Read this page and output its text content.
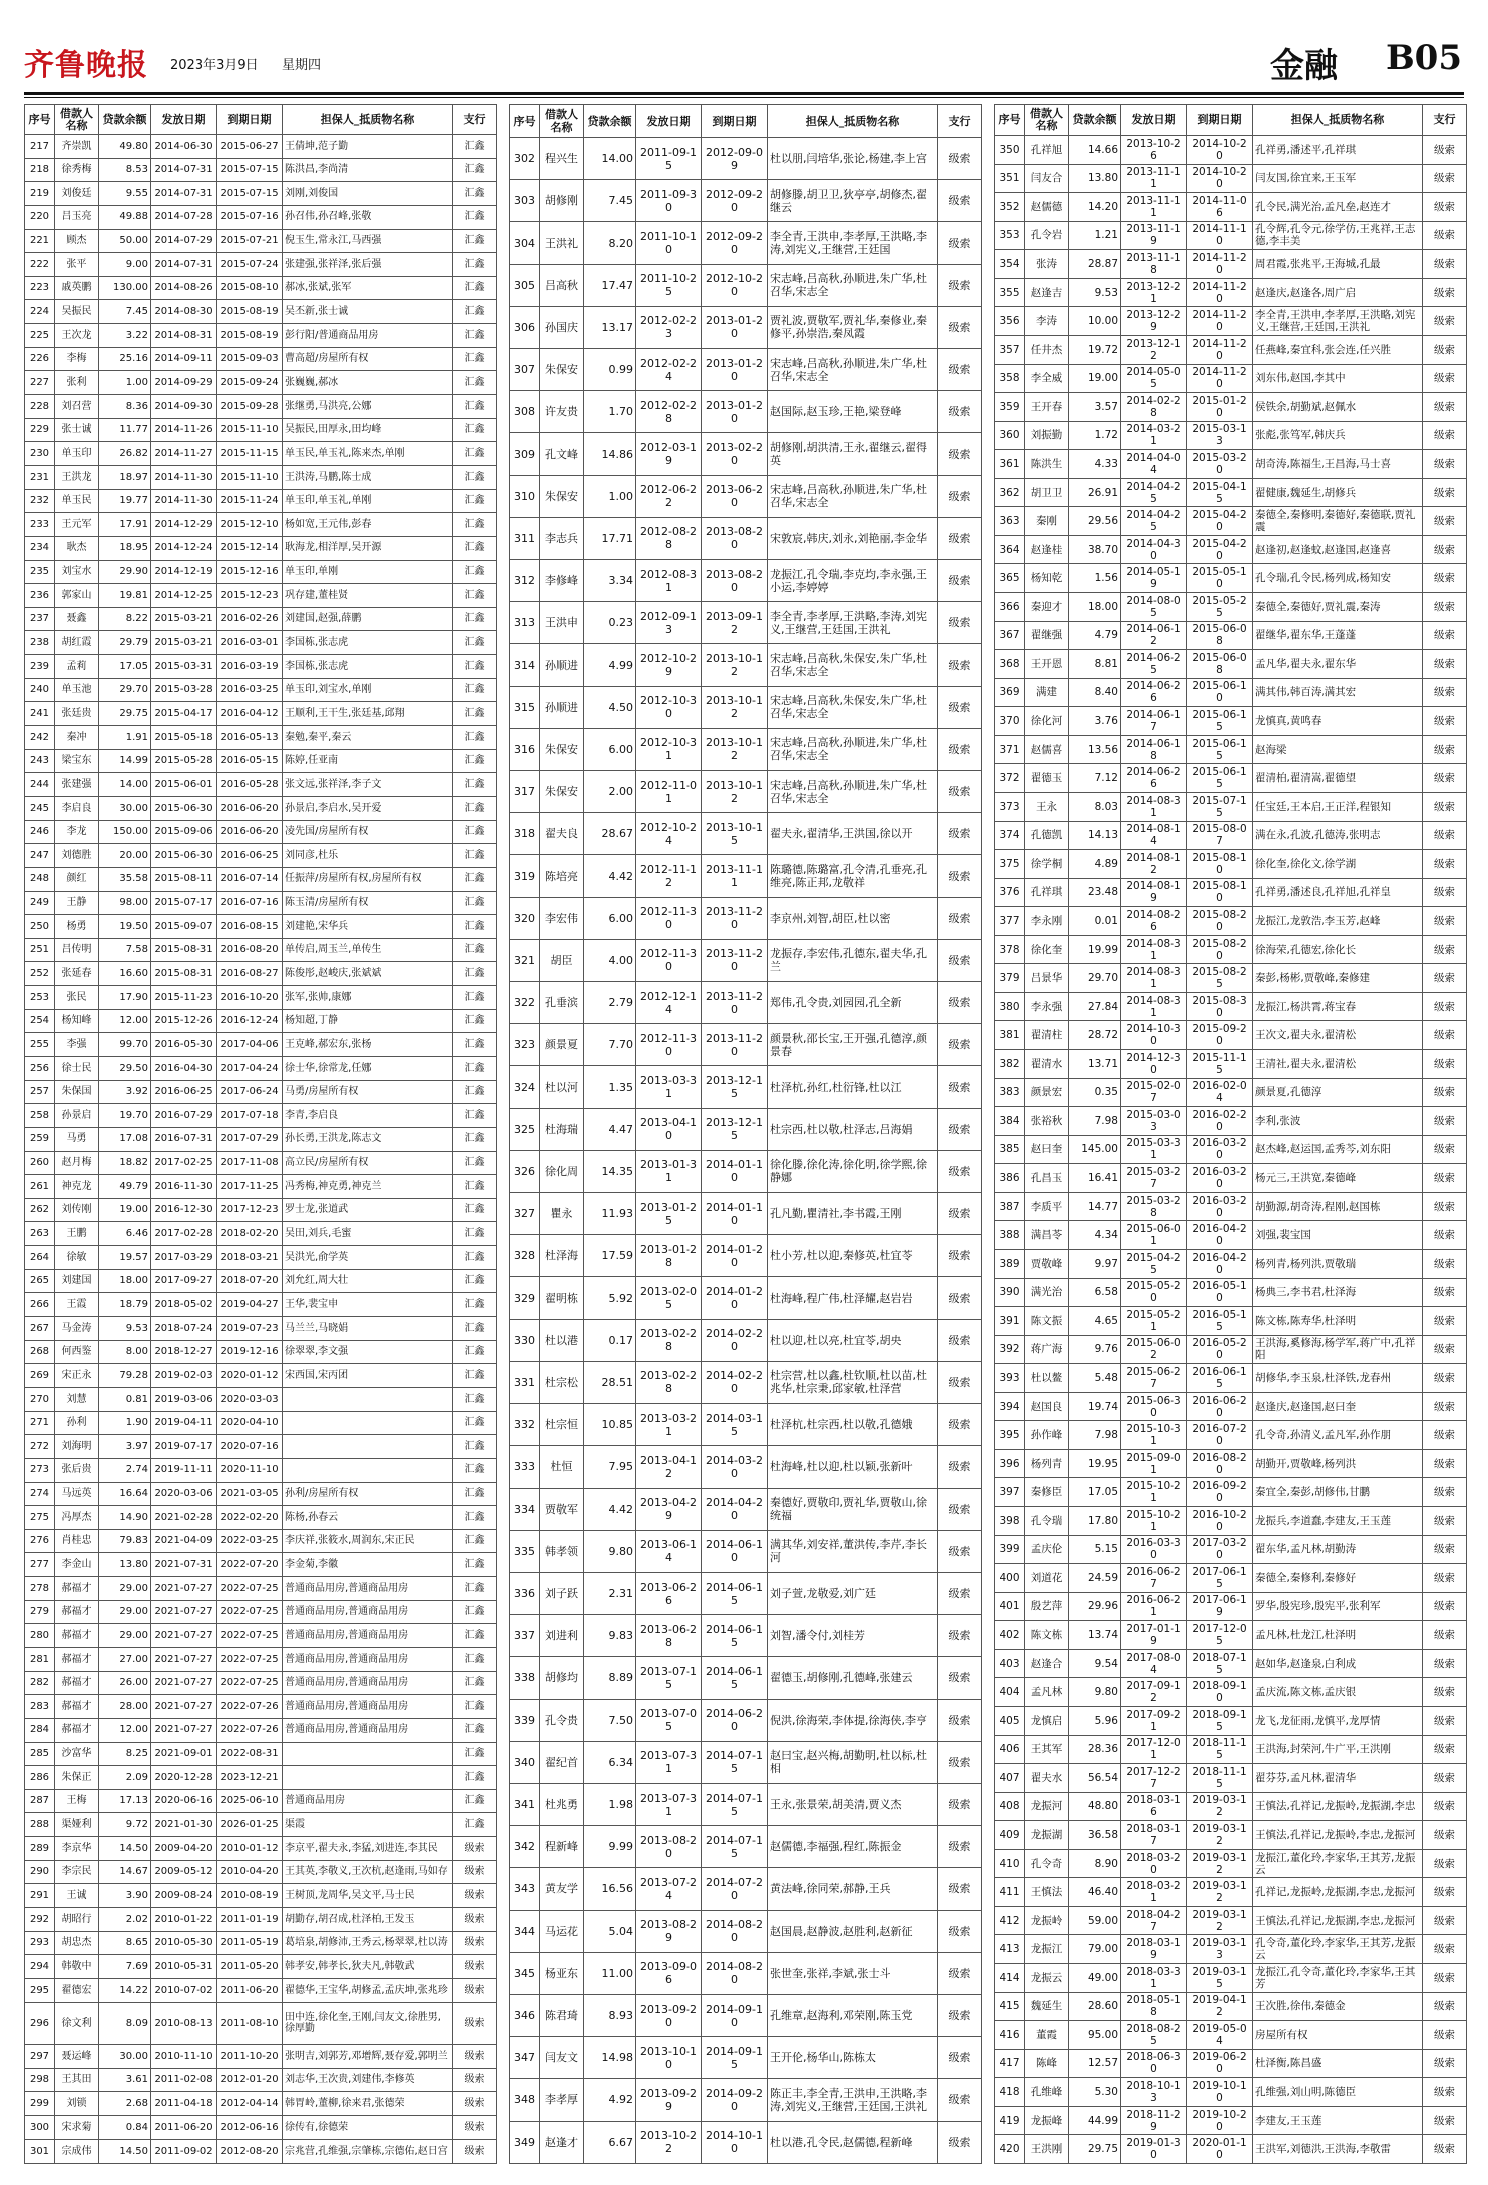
齐鲁晚报 2023年3月9日 星期四	金融 B05
序号	借款人名称	贷款余额	发放日期	到期日期	担保人_抵质物名称	支行
217	齐崇凯	49.80	2014-06-30	2015-06-27	王倩坤,范子勤	汇鑫
218	徐秀梅	8.53	2014-07-31	2015-07-15	陈洪昌,李尚清	汇鑫
219	刘俊廷	9.55	2014-07-31	2015-07-15	刘刚,刘俊国	汇鑫
220	吕玉亮	49.88	2014-07-28	2015-07-16	孙召伟,孙召峰,张敬	汇鑫
221	顾杰	50.00	2014-07-29	2015-07-21	倪玉生,常永江,马西强	汇鑫
222	张平	9.00	2014-07-31	2015-07-24	张建强,张祥泽,张后强	汇鑫
223	戚英鹏	130.00	2014-08-26	2015-08-10	郝冰,张斌,张军	汇鑫
224	吴振民	7.45	2014-08-30	2015-08-19	吴丕新,张士诚	汇鑫
225	王次龙	3.22	2014-08-31	2015-08-19	彭行阳/普通商品用房	汇鑫
226	李梅	25.16	2014-09-11	2015-09-03	曹高超/房屋所有权	汇鑫
227	张利	1.00	2014-09-29	2015-09-24	张巍巍,郝冰	汇鑫
228	刘召营	8.36	2014-09-30	2015-09-28	张继勇,马洪亮,公娜	汇鑫
229	张士诚	11.77	2014-11-26	2015-11-10	吴振民,田厚永,田均峰	汇鑫
230	单玉印	26.82	2014-11-27	2015-11-15	单玉民,单玉礼,陈来杰,单刚	汇鑫
231	王洪龙	18.97	2014-11-30	2015-11-10	王洪涛,马鹏,陈士成	汇鑫
232	单玉民	19.77	2014-11-30	2015-11-24	单玉印,单玉礼,单刚	汇鑫
233	王元军	17.91	2014-12-29	2015-12-10	杨如宽,王元伟,彭春	汇鑫
234	耿杰	18.95	2014-12-24	2015-12-14	耿海龙,相洋厚,吴开源	汇鑫
235	刘宝水	29.90	2014-12-19	2015-12-16	单玉印,单刚	汇鑫
236	郭家山	19.81	2014-12-25	2015-12-23	巩存建,董桂贤	汇鑫
237	聂鑫	8.22	2015-03-21	2016-02-26	刘建国,赵强,薛鹏	汇鑫
238	胡红霞	29.79	2015-03-21	2016-03-01	李国栋,张志虎	汇鑫
239	孟莉	17.05	2015-03-31	2016-03-19	李国栋,张志虎	汇鑫
240	单玉池	29.70	2015-03-28	2016-03-25	单玉印,刘宝水,单刚	汇鑫
241	张廷贵	29.75	2015-04-17	2016-04-12	王顺利,王干生,张廷基,邱翔	汇鑫
242	秦冲	1.91	2015-05-18	2016-05-13	秦勉,秦平,秦云	汇鑫
243	梁宝东	14.99	2015-05-28	2016-05-15	陈婷,任亚南	汇鑫
244	张建强	14.00	2015-06-01	2016-05-28	张文远,张祥泽,李子文	汇鑫
245	李启良	30.00	2015-06-30	2016-06-20	孙景启,李启水,吴开爱	汇鑫
246	李龙	150.00	2015-09-06	2016-06-20	凌先国/房屋所有权	汇鑫
247	刘德胜	20.00	2015-06-30	2016-06-25	刘同彦,杜乐	汇鑫
248	颜红	35.58	2015-08-11	2016-07-14	任振萍/房屋所有权,房屋所有权	汇鑫
249	王静	98.00	2015-07-17	2016-07-16	陈玉清/房屋所有权	汇鑫
250	杨勇	19.50	2015-09-07	2016-08-15	刘建艳,宋华兵	汇鑫
251	吕传明	7.58	2015-08-31	2016-08-20	单传启,周玉兰,单传生	汇鑫
252	张延春	16.60	2015-08-31	2016-08-27	陈俊彤,赵峻庆,张斌斌	汇鑫
253	张民	17.90	2015-11-23	2016-10-20	张军,张帅,康娜	汇鑫
254	杨知峰	12.00	2015-12-26	2016-12-24	杨知超,丁静	汇鑫
255	李强	99.70	2016-05-30	2017-04-06	王克峰,郝宏东,张杨	汇鑫
256	徐士民	29.50	2016-04-30	2017-04-24	徐士华,徐常龙,任娜	汇鑫
257	朱保国	3.92	2016-06-25	2017-06-24	马勇/房屋所有权	汇鑫
258	孙景启	19.70	2016-07-29	2017-07-18	李青,李启良	汇鑫
259	马勇	17.08	2016-07-31	2017-07-29	孙长勇,王洪龙,陈志文	汇鑫
260	赵月梅	18.82	2017-02-25	2017-11-08	高立民/房屋所有权	汇鑫
261	神克龙	49.79	2016-11-30	2017-11-25	冯秀梅,神克勇,神克兰	汇鑫
262	刘传刚	19.00	2016-12-30	2017-12-23	罗士龙,张道武	汇鑫
263	王鹏	6.46	2017-02-28	2018-02-20	吴田,刘兵,毛蜜	汇鑫
264	徐敏	19.57	2017-03-29	2018-03-21	吴洪光,俞学英	汇鑫
265	刘建国	18.00	2017-09-27	2018-07-20	刘允红,周大壮	汇鑫
266	王霞	18.79	2018-05-02	2019-04-27	王华,裴宝申	汇鑫
267	马金涛	9.53	2018-07-24	2019-07-23	马兰兰,马晓娟	汇鑫
268	何西鉴	8.00	2018-12-27	2019-12-16	徐翠翠,李文强	汇鑫
269	宋正永	79.28	2019-02-03	2020-01-12	宋西国,宋丙团	汇鑫
270	刘慧	0.81	2019-03-06	2020-03-03		汇鑫
271	孙利	1.90	2019-04-11	2020-04-10		汇鑫
272	刘海明	3.97	2019-07-17	2020-07-16		汇鑫
273	张后贵	2.74	2019-11-11	2020-11-10		汇鑫
274	马远英	16.64	2020-03-06	2021-03-05	孙利/房屋所有权	汇鑫
275	冯厚杰	14.90	2021-02-28	2022-02-20	陈杨,孙春云	汇鑫
276	肖桂忠	79.83	2021-04-09	2022-03-25	李庆祥,张筱水,周润东,宋正民	汇鑫
277	李金山	13.80	2021-07-31	2022-07-20	李金菊,李徽	汇鑫
278	郝福才	29.00	2021-07-27	2022-07-25	普通商品用房,普通商品用房	汇鑫
279	郝福才	29.00	2021-07-27	2022-07-25	普通商品用房,普通商品用房	汇鑫
280	郝福才	29.00	2021-07-27	2022-07-25	普通商品用房,普通商品用房	汇鑫
281	郝福才	27.00	2021-07-27	2022-07-25	普通商品用房,普通商品用房	汇鑫
282	郝福才	26.00	2021-07-27	2022-07-25	普通商品用房,普通商品用房	汇鑫
283	郝福才	28.00	2021-07-27	2022-07-26	普通商品用房,普通商品用房	汇鑫
284	郝福才	12.00	2021-07-27	2022-07-26	普通商品用房,普通商品用房	汇鑫
285	沙富华	8.25	2021-09-01	2022-08-31		汇鑫
286	朱保正	2.09	2020-12-28	2023-12-21		汇鑫
287	王梅	17.13	2020-06-16	2025-06-10	普通商品用房	汇鑫
288	渠娅利	9.72	2021-01-30	2026-01-25	渠霞	汇鑫
289	李京华	14.50	2009-04-20	2010-01-12	李京平,翟夫永,李猛,刘进连,李其民	级索
290	李宗民	14.67	2009-05-12	2010-04-20	王其英,李敬义,王次杭,赵逢雨,马如存	级索
291	王诚	3.90	2009-08-24	2010-08-19	王树顶,龙周华,吴文平,马士民	级索
292	胡昭行	2.02	2010-01-22	2011-01-19	胡勤存,胡召成,杜泽柏,王发玉	级索
293	胡忠杰	8.65	2010-05-30	2011-05-19	葛培泉,胡修沛,王秀云,杨翠翠,杜以涛	级索
294	韩敬中	7.69	2010-05-31	2011-05-20	韩孝安,韩孝长,狄夫凡,韩敬武	级索
295	翟德宏	14.22	2010-07-02	2011-06-20	翟德华,王宝华,胡修孟,孟庆坤,张兆珍	级索
296	徐文利	8.09	2010-08-13	2011-08-10	田中连,徐化奎,王刚,闫友文,徐胜男,徐厚勤	级索
297	聂运峰	30.00	2010-11-10	2011-10-20	张明吉,刘郭芳,邓增辉,聂存爱,郭明兰	级索
298	王其田	3.61	2011-02-08	2012-01-20	刘志华,王次贵,刘建伟,李修英	级索
299	刘锁	2.68	2011-04-18	2012-04-14	韩胃岭,董柳,徐来君,张德荣	级索
300	宋求菊	0.84	2011-06-20	2012-06-16	徐传有,徐德荣	级索
301	宗成伟	14.50	2011-09-02	2012-08-20	宗兆营,孔维强,宗肇栋,宗德佑,赵日宫	级索
序号	借款人名称	贷款余额	发放日期	到期日期	担保人_抵质物名称	支行
302	程兴生	14.00	2011-09-15	2012-09-09	杜以朋,闫培华,张论,杨建,李上宫	级索
303	胡修刚	7.45	2011-09-30	2012-09-20	胡修滕,胡卫卫,狄亭亭,胡修杰,翟继云	级索
304	王洪礼	8.20	2011-10-10	2012-09-20	李全青,王洪申,李孝厚,王洪略,李涛,刘宪义,王继营,王廷国	级索
305	吕高秋	17.47	2011-10-25	2012-10-20	宋志峰,吕高秋,孙顺进,朱广华,杜召华,宋志全	级索
306	孙国庆	13.17	2012-02-23	2013-01-20	贾礼波,贾敬军,贾礼华,秦修业,秦修平,孙崇浩,秦凤霞	级索
307	朱保安	0.99	2012-02-24	2013-01-20	宋志峰,吕高秋,孙顺进,朱广华,杜召华,宋志全	级索
308	许友贵	1.70	2012-02-28	2013-01-20	赵国际,赵玉珍,王艳,梁登峰	级索
309	孔文峰	14.86	2012-03-19	2013-02-20	胡修刚,胡洪清,王永,翟继云,翟得英	级索
310	朱保安	1.00	2012-06-22	2013-06-20	宋志峰,吕高秋,孙顺进,朱广华,杜召华,宋志全	级索
311	李志兵	17.71	2012-08-28	2013-08-20	宋敦宸,韩庆,刘永,刘艳丽,李金华	级索
312	李修峰	3.34	2012-08-31	2013-08-20	龙振江,孔令瑞,李克均,李永强,王小运,李婷婷	级索
313	王洪申	0.23	2012-09-13	2013-09-12	李全青,李孝厚,王洪略,李涛,刘宪义,王继营,王廷国,王洪礼	级索
314	孙顺进	4.99	2012-10-29	2013-10-12	宋志峰,吕高秋,朱保安,朱广华,杜召华,宋志全	级索
315	孙顺进	4.50	2012-10-30	2013-10-12	宋志峰,吕高秋,朱保安,朱广华,杜召华,宋志全	级索
316	朱保安	6.00	2012-10-31	2013-10-12	宋志峰,吕高秋,孙顺进,朱广华,杜召华,宋志全	级索
317	朱保安	2.00	2012-11-01	2013-10-12	宋志峰,吕高秋,孙顺进,朱广华,杜召华,宋志全	级索
318	翟夫良	28.67	2012-10-24	2013-10-15	翟夫永,翟清华,王洪国,徐以开	级索
319	陈培亮	4.42	2012-11-12	2013-11-11	陈璐德,陈璐富,孔令清,孔垂亮,孔维亮,陈正邦,龙敬祥	级索
320	李宏伟	6.00	2012-11-30	2013-11-20	李京州,刘智,胡臣,杜以密	级索
321	胡臣	4.00	2012-11-30	2013-11-20	龙振存,李宏伟,孔德东,翟夫华,孔兰	级索
322	孔垂滨	2.79	2012-12-14	2013-11-20	郑伟,孔令贵,刘园园,孔全新	级索
323	颜景夏	7.70	2012-11-30	2013-11-20	颜景秋,邵长宝,王开强,孔德淳,颜景春	级索
324	杜以河	1.35	2013-03-31	2013-12-15	杜泽杭,孙红,杜衍锋,杜以江	级索
325	杜海瑞	4.47	2013-04-10	2013-12-15	杜宗西,杜以敬,杜泽志,吕海娟	级索
326	徐化周	14.35	2013-01-31	2014-01-10	徐化滕,徐化涛,徐化明,徐学熙,徐静娜	级索
327	瞿永	11.93	2013-01-25	2014-01-10	孔凡勤,瞿清社,李书霞,王刚	级索
328	杜泽海	17.59	2013-01-28	2014-01-20	杜小芳,杜以迎,秦修英,杜宜苓	级索
329	翟明栋	5.92	2013-02-05	2014-01-20	杜海峰,程广伟,杜泽耀,赵岩岩	级索
330	杜以港	0.17	2013-02-28	2014-02-20	杜以迎,杜以亮,杜宜苓,胡央	级索
331	杜宗松	28.51	2013-02-28	2014-02-20	杜宗营,杜以鑫,杜钦顺,杜以苗,杜兆华,杜宗秉,邱家敏,杜泽营	级索
332	杜宗恒	10.85	2013-03-21	2014-03-15	杜泽杭,杜宗西,杜以敬,孔德娥	级索
333	杜恒	7.95	2013-04-12	2014-03-20	杜海峰,杜以迎,杜以颖,张新叶	级索
334	贾敬军	4.42	2013-04-29	2014-04-20	秦德好,贾敬印,贾礼华,贾敬山,徐统福	级索
335	韩孝领	9.80	2013-06-14	2014-06-10	满其华,刘安祥,董洪传,李芹,李长河	级索
336	刘子跃	2.31	2013-06-26	2014-06-15	刘子萱,龙敬爱,刘广廷	级索
337	刘进利	9.83	2013-06-28	2014-06-15	刘智,潘令付,刘桂芳	级索
338	胡修均	8.89	2013-07-15	2014-06-15	翟德玉,胡修刚,孔德峰,张建云	级索
339	孔令贵	7.50	2013-07-05	2014-06-20	倪洪,徐海荣,李体提,徐海侠,李亨	级索
340	翟纪首	6.34	2013-07-31	2014-07-15	赵曰宝,赵兴梅,胡勤明,杜以标,杜相	级索
341	杜兆勇	1.98	2013-07-31	2014-07-15	王永,张景荣,胡美清,贾义杰	级索
342	程新峰	9.99	2013-08-20	2014-07-15	赵儒德,李福强,程红,陈振金	级索
343	黄友学	16.56	2013-07-24	2014-07-20	黄法峰,徐同荣,郝静,王兵	级索
344	马运花	5.04	2013-08-29	2014-08-20	赵国晨,赵静波,赵胜利,赵新征	级索
345	杨亚东	11.00	2013-09-06	2014-08-20	张世奎,张祥,李斌,张士斗	级索
346	陈君琦	8.93	2013-09-20	2014-09-10	孔维章,赵海利,邓荣刚,陈玉党	级索
347	闫友文	14.98	2013-10-10	2014-09-15	王开伦,杨华山,陈栋太	级索
348	李孝厚	4.92	2013-09-29	2014-09-20	陈正丰,李全青,王洪申,王洪略,李涛,刘宪义,王继营,王廷国,王洪礼	级索
349	赵逢才	6.67	2013-10-22	2014-10-10	杜以港,孔令民,赵儒德,程新峰	级索
序号	借款人名称	贷款余额	发放日期	到期日期	担保人_抵质物名称	支行
350	孔祥旭	14.66	2013-10-26	2014-10-20	孔祥勇,潘述平,孔祥琪	级索
351	闫友合	13.80	2013-11-11	2014-10-20	闫友国,徐宜来,王玉军	级索
352	赵儒德	14.20	2013-11-11	2014-11-06	孔令民,满光治,孟凡垒,赵连才	级索
353	孔令岩	1.21	2013-11-19	2014-11-10	孔令辉,孔令元,徐学仿,王兆祥,王志德,李丰美	级索
354	张涛	28.87	2013-11-18	2014-11-20	周君霞,张兆平,王海城,孔最	级索
355	赵逢吉	9.53	2013-12-21	2014-11-20	赵逢庆,赵逢各,周广启	级索
356	李涛	10.00	2013-12-29	2014-11-20	李全青,王洪申,李孝厚,王洪略,刘宪义,王继营,王廷国,王洪礼	级索
357	任井杰	19.72	2013-12-12	2014-11-20	任燕峰,秦宜科,张会连,任兴胜	级索
358	李全威	19.00	2014-05-05	2014-11-20	刘东伟,赵国,李其中	级索
359	王开春	3.57	2014-02-28	2015-01-20	侯铁余,胡勤斌,赵佩水	级索
360	刘振勤	1.72	2014-03-21	2015-03-13	张彪,张笃军,韩庆兵	级索
361	陈洪生	4.33	2014-04-04	2015-03-20	胡奇涛,陈福生,王昌海,马士喜	级索
362	胡卫卫	26.91	2014-04-25	2015-04-15	翟健康,魏延生,胡修兵	级索
363	秦刚	29.56	2014-04-25	2015-04-20	秦德全,秦修明,秦德好,秦德联,贾礼震	级索
364	赵逢桂	38.70	2014-04-30	2015-04-20	赵逢初,赵逢蚊,赵逢国,赵逢喜	级索
365	杨知乾	1.56	2014-05-19	2015-05-10	孔令瑞,孔令民,杨列成,杨知安	级索
366	秦迎才	18.00	2014-08-05	2015-05-25	秦德全,秦德好,贾礼震,秦涛	级索
367	翟继强	4.79	2014-06-12	2015-06-08	翟继华,翟东华,王蓬蓬	级索
368	王开恩	8.81	2014-06-25	2015-06-08	孟凡华,翟夫永,翟东华	级索
369	满建	8.40	2014-06-26	2015-06-10	满其伟,韩百涛,满其宏	级索
370	徐化河	3.76	2014-06-17	2015-06-15	龙慎真,黄鸣春	级索
371	赵儒喜	13.56	2014-06-18	2015-06-15	赵海梁	级索
372	翟德玉	7.12	2014-06-26	2015-06-15	翟清柏,翟清嵩,翟德望	级索
373	王永	8.03	2014-08-31	2015-07-15	任宝廷,王本启,王正洋,程银知	级索
374	孔德凯	14.13	2014-08-14	2015-08-07	满在永,孔波,孔德涛,张明志	级索
375	徐学桐	4.89	2014-08-12	2015-08-10	徐化奎,徐化文,徐学湖	级索
376	孔祥琪	23.48	2014-08-19	2015-08-10	孔祥勇,潘述良,孔祥旭,孔祥皇	级索
377	李永刚	0.01	2014-08-26	2015-08-20	龙振江,龙敦浩,李玉芳,赵峰	级索
378	徐化奎	19.99	2014-08-31	2015-08-20	徐海荣,孔德宏,徐化长	级索
379	吕景华	29.70	2014-08-31	2015-08-25	秦彭,杨彬,贾敬峰,秦修建	级索
380	李永强	27.84	2014-08-31	2015-08-30	龙振江,杨洪霄,蒋宝春	级索
381	翟清柱	28.72	2014-10-30	2015-09-20	王次文,翟夫永,翟清松	级索
382	翟清水	13.71	2014-12-30	2015-11-15	王清社,翟夫永,翟清松	级索
383	颜景宏	0.35	2015-02-07	2016-02-04	颜景夏,孔德淳	级索
384	张裕秋	7.98	2015-03-03	2016-02-20	李利,张波	级索
385	赵曰奎	145.00	2015-03-31	2016-03-20	赵杰峰,赵运国,孟秀芩,刘东阳	级索
386	孔昌玉	16.41	2015-03-27	2016-03-20	杨元三,王洪宽,秦德峰	级索
387	李质平	14.77	2015-03-28	2016-03-20	胡勤源,胡奇涛,程刚,赵国栋	级索
388	满昌苓	4.34	2015-06-01	2016-04-20	刘强,裴宝国	级索
389	贾敬峰	9.97	2015-04-25	2016-04-20	杨列青,杨列洪,贾敬瑞	级索
390	满光治	6.58	2015-05-20	2016-05-10	杨典三,李书君,杜泽海	级索
391	陈文振	4.65	2015-05-21	2016-05-15	陈文栋,陈寿华,杜泽明	级索
392	蒋广海	9.76	2015-06-02	2016-05-20	王洪海,奚修海,杨学军,蒋广中,孔祥阳	级索
393	杜以鳌	5.48	2015-06-27	2016-06-15	胡修华,李玉泉,杜泽铁,龙春州	级索
394	赵国良	19.74	2015-06-30	2016-06-20	赵逢庆,赵逢国,赵曰奎	级索
395	孙作峰	7.98	2015-10-31	2016-07-20	孔令奇,孙清义,孟凡军,孙作朋	级索
396	杨列青	19.95	2015-09-01	2016-08-20	胡勤开,贾敬峰,杨列洪	级索
397	秦修臣	17.05	2015-10-21	2016-09-20	秦宜全,秦彭,胡修伟,甘鹏	级索
398	孔令瑞	17.80	2015-10-21	2016-10-20	龙振兵,李道蠢,李建友,王玉莲	级索
399	孟庆伦	5.15	2016-03-30	2017-03-20	翟东华,孟凡林,胡勤涛	级索
400	刘道花	24.59	2016-06-27	2017-06-15	秦德全,秦修利,秦修好	级索
401	殷艺萍	29.96	2016-06-21	2017-06-19	罗华,殷宪珍,殷宪平,张利军	级索
402	陈文栋	13.74	2017-01-19	2017-12-05	孟凡林,杜龙江,杜泽明	级索
403	赵逢合	9.54	2017-08-04	2018-07-15	赵如华,赵逢泉,白利成	级索
404	孟凡林	9.80	2017-09-12	2018-09-10	孟庆流,陈文栋,孟庆银	级索
405	龙慎启	5.96	2017-09-21	2018-09-15	龙飞,龙征雨,龙慎平,龙厚情	级索
406	王其军	28.36	2017-12-01	2018-11-15	王洪海,封荣河,牛广平,王洪刚	级索
407	翟夫水	56.54	2017-12-27	2018-11-15	翟芬芬,孟凡林,翟清华	级索
408	龙振河	48.80	2018-03-16	2019-03-12	王慎法,孔祥记,龙振岭,龙振湖,李忠	级索
409	龙振湖	36.58	2018-03-17	2019-03-12	王慎法,孔祥记,龙振岭,李忠,龙振河	级索
410	孔令奇	8.90	2018-03-20	2019-03-12	龙振江,董化玲,李家华,王其芳,龙振云	级索
411	王慎法	46.40	2018-03-21	2019-03-12	孔祥记,龙振岭,龙振湖,李忠,龙振河	级索
412	龙振岭	59.00	2018-04-27	2019-03-12	王慎法,孔祥记,龙振湖,李忠,龙振河	级索
413	龙振江	79.00	2018-03-19	2019-03-13	孔令奇,董化玲,李家华,王其芳,龙振云	级索
414	龙振云	49.00	2018-03-31	2019-03-15	龙振江,孔令奇,董化玲,李家华,王其芳	级索
415	魏延生	28.60	2018-05-18	2019-04-12	王次胜,徐伟,秦德金	级索
416	董霞	95.00	2018-08-25	2019-05-04	房屋所有权	级索
417	陈峰	12.57	2018-06-30	2019-06-20	杜泽衡,陈昌盛	级索
418	孔维峰	5.30	2018-10-13	2019-10-10	孔维强,刘山明,陈德臣	级索
419	龙振峰	44.99	2018-11-29	2019-10-20	李建友,王玉莲	级索
420	王洪刚	29.75	2019-01-30	2020-01-10	王洪军,刘德洪,王洪海,李敬雷	级索
